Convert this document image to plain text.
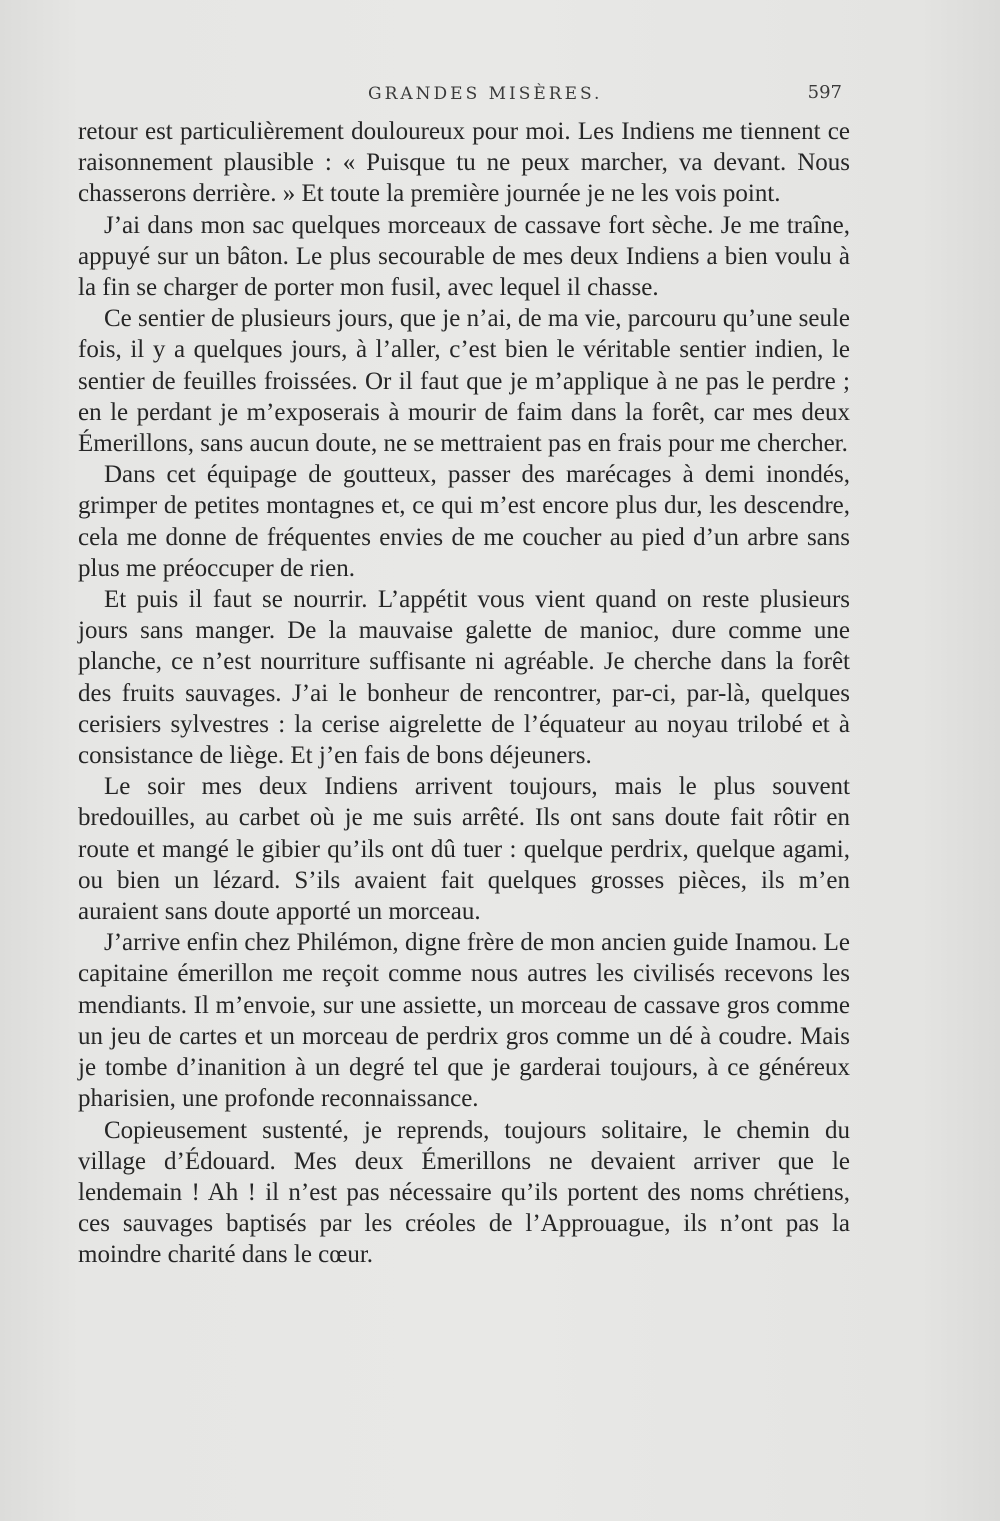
GRANDES MISÈRES.	597

retour est particulièrement douloureux pour moi. Les Indiens me tiennent ce raisonnement plausible : « Puisque tu ne peux marcher, va devant. Nous chasserons derrière. » Et toute la première journée je ne les vois point.

J’ai dans mon sac quelques morceaux de cassave fort sèche. Je me traîne, appuyé sur un bâton. Le plus secourable de mes deux Indiens a bien voulu à la fin se charger de porter mon fusil, avec lequel il chasse.

Ce sentier de plusieurs jours, que je n’ai, de ma vie, parcouru qu’une seule fois, il y a quelques jours, à l’aller, c’est bien le véritable sentier indien, le sentier de feuilles froissées. Or il faut que je m’applique à ne pas le perdre ; en le perdant je m’exposerais à mourir de faim dans la forêt, car mes deux Émerillons, sans aucun doute, ne se mettraient pas en frais pour me chercher.

Dans cet équipage de goutteux, passer des marécages à demi inondés, grimper de petites montagnes et, ce qui m’est encore plus dur, les descendre, cela me donne de fréquentes envies de me coucher au pied d’un arbre sans plus me préoccuper de rien.

Et puis il faut se nourrir. L’appétit vous vient quand on reste plusieurs jours sans manger. De la mauvaise galette de manioc, dure comme une planche, ce n’est nourriture suffisante ni agréable. Je cherche dans la forêt des fruits sauvages. J’ai le bonheur de rencontrer, par-ci, par-là, quelques cerisiers sylvestres : la cerise aigrelette de l’équateur au noyau trilobé et à consistance de liège. Et j’en fais de bons déjeuners.

Le soir mes deux Indiens arrivent toujours, mais le plus souvent bredouilles, au carbet où je me suis arrêté. Ils ont sans doute fait rôtir en route et mangé le gibier qu’ils ont dû tuer : quelque perdrix, quelque agami, ou bien un lézard. S’ils avaient fait quelques grosses pièces, ils m’en auraient sans doute apporté un morceau.

J’arrive enfin chez Philémon, digne frère de mon ancien guide Inamou. Le capitaine émerillon me reçoit comme nous autres les civilisés recevons les mendiants. Il m’envoie, sur une assiette, un morceau de cassave gros comme un jeu de cartes et un morceau de perdrix gros comme un dé à coudre. Mais je tombe d’inanition à un degré tel que je garderai toujours, à ce généreux pharisien, une profonde reconnaissance.

Copieusement sustenté, je reprends, toujours solitaire, le chemin du village d’Édouard. Mes deux Émerillons ne devaient arriver que le lendemain ! Ah ! il n’est pas nécessaire qu’ils portent des noms chrétiens, ces sauvages baptisés par les créoles de l’Approuague, ils n’ont pas la moindre charité dans le cœur.
